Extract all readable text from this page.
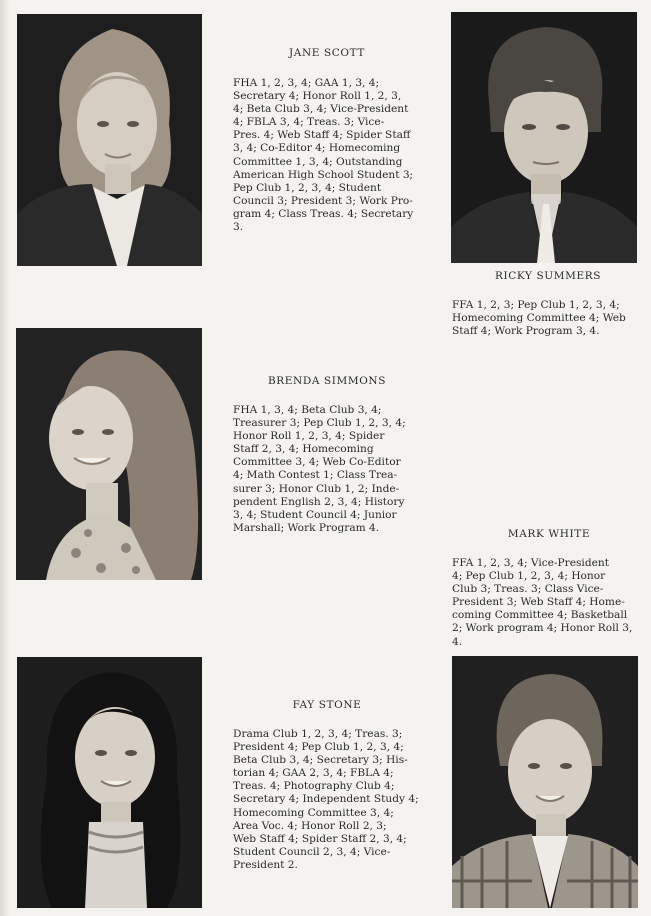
JANE SCOTT

FHA 1, 2, 3, 4; GAA 1, 3, 4;
Secretary 4; Honor Roll 1, 2, 3,
4; Beta Club 3, 4; Vice-President
4; FBLA 3, 4; Treas. 3; Vice-
Pres. 4; Web Staff 4; Spider Staff
3, 4; Co-Editor 4; Homecoming
Committee 1, 3, 4; Outstanding
American High School Student 3;
Pep Club 1, 2, 3, 4; Student
Council 3; President 3; Work Pro-
gram 4; Class Treas. 4; Secretary
3.

RICKY SUMMERS

FFA 1, 2, 3; Pep Club 1, 2, 3, 4;
Homecoming Committee 4; Web
Staff 4; Work Program 3, 4.

BRENDA SIMMONS

FHA 1, 3, 4; Beta Club 3, 4;
Treasurer 3; Pep Club 1, 2, 3, 4;
Honor Roll 1, 2, 3, 4; Spider
Staff 2, 3, 4; Homecoming
Committee 3, 4; Web Co-Editor
4; Math Contest 1; Class Trea-
surer 3; Honor Club 1, 2; Inde-
pendent English 2, 3, 4; History
3, 4; Student Council 4; Junior
Marshall; Work Program 4.

MARK WHITE

FFA 1, 2, 3, 4; Vice-President
4; Pep Club 1, 2, 3, 4; Honor
Club 3; Treas. 3; Class Vice-
President 3; Web Staff 4; Home-
coming Committee 4; Basketball
2; Work program 4; Honor Roll 3,
4.

FAY STONE

Drama Club 1, 2, 3, 4; Treas. 3;
President 4; Pep Club 1, 2, 3, 4;
Beta Club 3, 4; Secretary 3; His-
torian 4; GAA 2, 3, 4; FBLA 4;
Treas. 4; Photography Club 4;
Secretary 4; Independent Study 4;
Homecoming Committee 3, 4;
Area Voc. 4; Honor Roll 2, 3;
Web Staff 4; Spider Staff 2, 3, 4;
Student Council 2, 3, 4; Vice-
President 2.
